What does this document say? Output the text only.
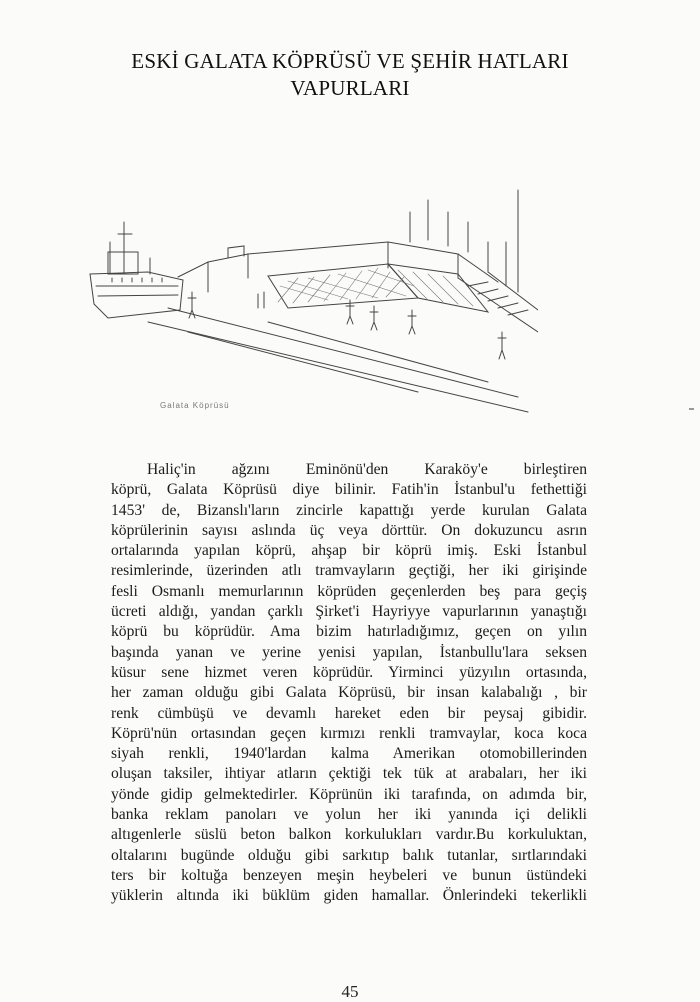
ESKİ GALATA KÖPRÜSÜ VE ŞEHİR HATLARI
VAPURLARI
Galata Köprüsü
Haliç'in ağzını Eminönü'den Karaköy'e birleştiren
köprü, Galata Köprüsü diye bilinir. Fatih'in İstanbul'u fethettiği
1453' de, Bizanslı'ların zincirle kapattığı yerde kurulan Galata
köprülerinin sayısı aslında üç veya dörttür. On dokuzuncu asrın
ortalarında yapılan köprü, ahşap bir köprü imiş. Eski İstanbul
resimlerinde, üzerinden atlı tramvayların geçtiği, her iki girişinde
fesli Osmanlı memurlarının köprüden geçenlerden beş para geçiş
ücreti aldığı, yandan çarklı Şirket'i Hayriyye vapurlarının yanaştığı
köprü bu köprüdür. Ama bizim hatırladığımız, geçen on yılın
başında yanan ve yerine yenisi yapılan, İstanbullu'lara seksen
küsur sene hizmet veren köprüdür. Yirminci yüzyılın ortasında,
her zaman olduğu gibi Galata Köprüsü, bir insan kalabalığı , bir
renk cümbüşü ve devamlı hareket eden bir peysaj gibidir.
Köprü'nün ortasından geçen kırmızı renkli tramvaylar, koca koca
siyah renkli, 1940'lardan kalma Amerikan otomobillerinden
oluşan taksiler, ihtiyar atların çektiği tek tük at arabaları, her iki
yönde gidip gelmektedirler. Köprünün iki tarafında, on adımda bir,
banka reklam panoları ve yolun her iki yanında içi delikli
altıgenlerle süslü beton balkon korkulukları vardır.Bu korkuluktan,
oltalarını bugünde olduğu gibi sarkıtıp balık tutanlar, sırtlarındaki
ters bir koltuğa benzeyen meşin heybeleri ve bunun üstündeki
yüklerin altında iki büklüm giden hamallar. Önlerindeki tekerlikli
45
